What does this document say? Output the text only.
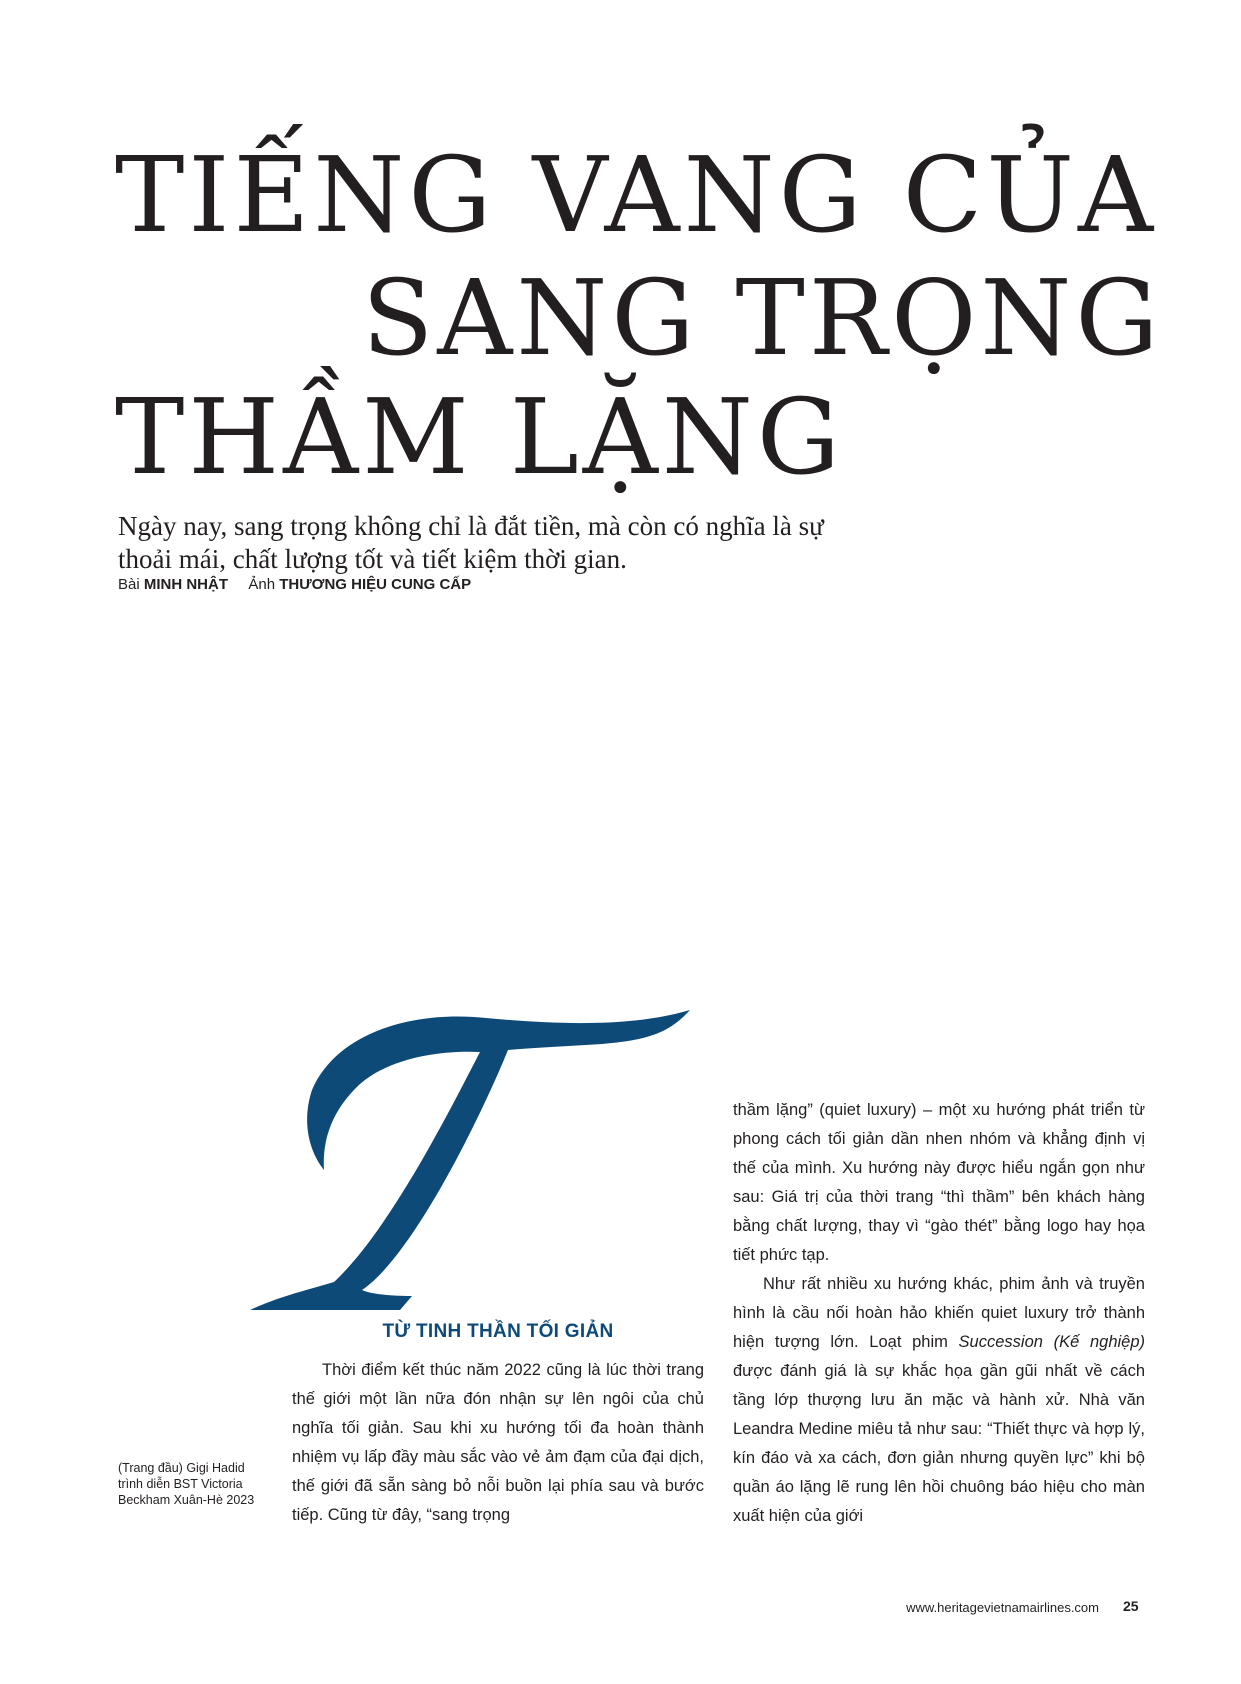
TIẾNG VANG CỦA
SANG TRỌNG
THẦM LẶNG

Ngày nay, sang trọng không chỉ là đắt tiền, mà còn có nghĩa là sự thoải mái, chất lượng tốt và tiết kiệm thời gian.

Bài MINH NHẬT Ảnh THƯƠNG HIỆU CUNG CẤP

TỪ TINH THẦN TỐI GIẢN

Thời điểm kết thúc năm 2022 cũng là lúc thời trang thế giới một lần nữa đón nhận sự lên ngôi của chủ nghĩa tối giản. Sau khi xu hướng tối đa hoàn thành nhiệm vụ lấp đầy màu sắc vào vẻ ảm đạm của đại dịch, thế giới đã sẵn sàng bỏ nỗi buồn lại phía sau và bước tiếp. Cũng từ đây, “sang trọng

thầm lặng” (quiet luxury) – một xu hướng phát triển từ phong cách tối giản dần nhen nhóm và khẳng định vị thế của mình. Xu hướng này được hiểu ngắn gọn như sau: Giá trị của thời trang “thì thầm” bên khách hàng bằng chất lượng, thay vì “gào thét” bằng logo hay họa tiết phức tạp.

Như rất nhiều xu hướng khác, phim ảnh và truyền hình là cầu nối hoàn hảo khiến quiet luxury trở thành hiện tượng lớn. Loạt phim Succession (Kế nghiệp) được đánh giá là sự khắc họa gần gũi nhất về cách tầng lớp thượng lưu ăn mặc và hành xử. Nhà văn Leandra Medine miêu tả như sau: “Thiết thực và hợp lý, kín đáo và xa cách, đơn giản nhưng quyền lực” khi bộ quần áo lặng lẽ rung lên hồi chuông báo hiệu cho màn xuất hiện của giới

(Trang đầu) Gigi Hadid trình diễn BST Victoria Beckham Xuân-Hè 2023

www.heritagevietnamairlines.com 25
